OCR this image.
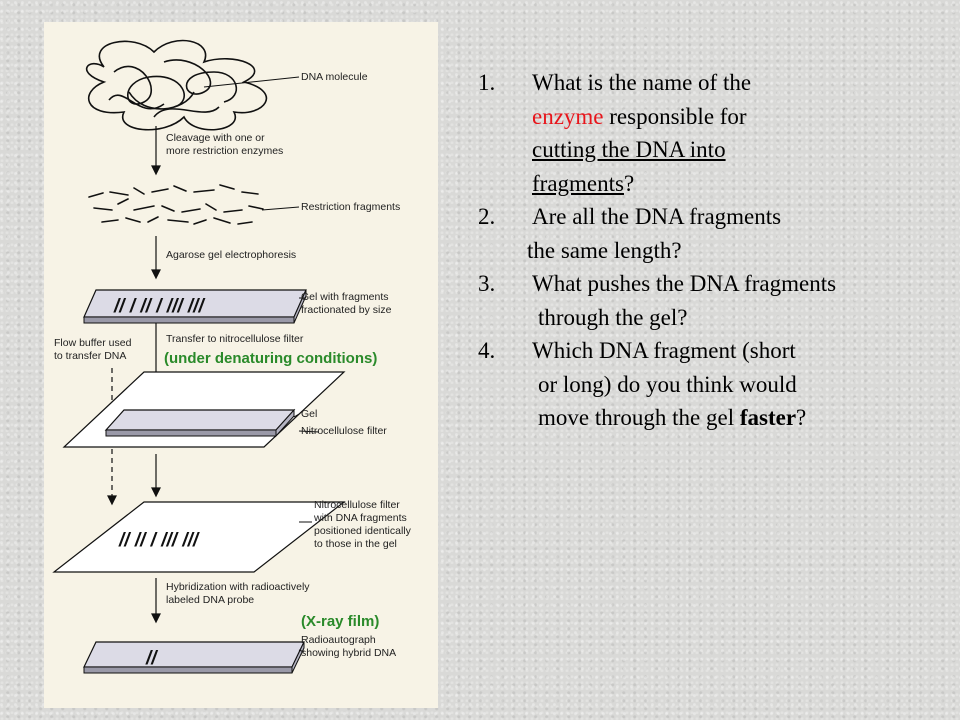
// / // / /// ///
// // / /// ///
//
DNA molecule
Cleavage with one or
more restriction enzymes
Restriction fragments
Agarose gel electrophoresis
Gel with fragments
fractionated by size
Flow buffer used
to transfer DNA
Transfer to nitrocellulose filter
(under denaturing conditions)
Gel
Nitrocellulose filter
Nitrocellulose filter
with DNA fragments
positioned identically
to those in the gel
Hybridization with radioactively
labeled DNA probe
(X-ray film)
Radioautograph
showing hybrid DNA
1. What is the name of the
enzyme responsible for
cutting the DNA into
fragments?
2. Are all the DNA fragments
the same length?
3. What pushes the DNA fragments
through the gel?
4. Which DNA fragment (short
or long) do you think would
move through the gel faster?
